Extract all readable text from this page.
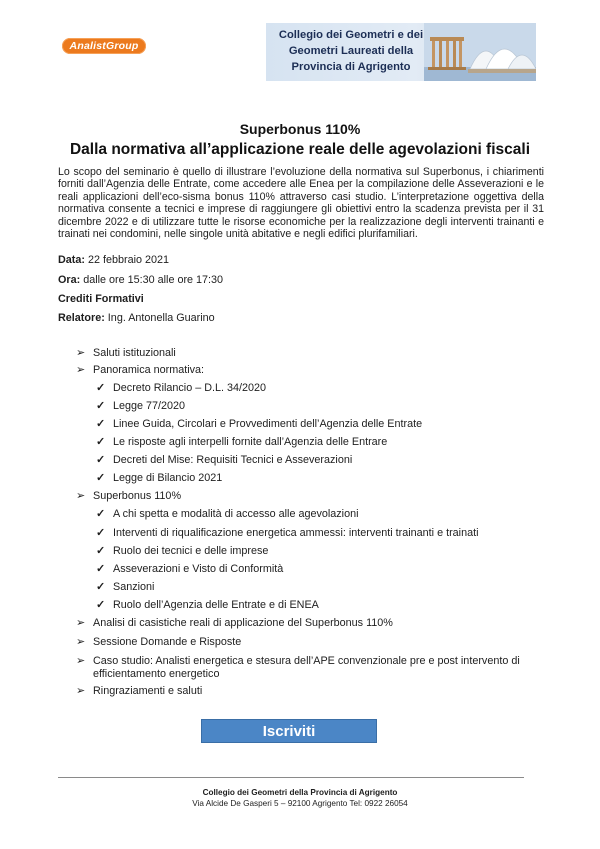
AnalistGroup
Collegio dei Geometri e dei
Geometri Laureati della
Provincia di Agrigento
Superbonus 110%
Dalla normativa all’applicazione reale delle agevolazioni fiscali
Lo scopo del seminario è quello di illustrare l’evoluzione della normativa sul Superbonus, i chiarimenti forniti dall’Agenzia delle Entrate, come accedere alle Enea per la compilazione delle Asseverazioni e le reali applicazioni dell’eco-sisma bonus 110% attraverso casi studio. L’interpretazione oggettiva della normativa consente a tecnici e imprese di raggiungere gli obiettivi entro la scadenza prevista per il 31 dicembre 2022 e di utilizzare tutte le risorse economiche per la realizzazione degli interventi trainanti e trainati nei condomini, nelle singole unità abitative e negli edifici plurifamiliari.
Data: 22 febbraio 2021
Ora: dalle ore 15:30 alle ore 17:30
Crediti Formativi
Relatore: Ing. Antonella Guarino
➢ Saluti istituzionali
➢ Panoramica normativa:
✓ Decreto Rilancio – D.L. 34/2020
✓ Legge 77/2020
✓ Linee Guida, Circolari e Provvedimenti dell’Agenzia delle Entrate
✓ Le risposte agli interpelli fornite dall’Agenzia delle Entrare
✓ Decreti del Mise: Requisiti Tecnici e Asseverazioni
✓ Legge di Bilancio 2021
➢ Superbonus 110%
✓ A chi spetta e modalità di accesso alle agevolazioni
✓ Interventi di riqualificazione energetica ammessi: interventi trainanti e trainati
✓ Ruolo dei tecnici e delle imprese
✓ Asseverazioni e Visto di Conformità
✓ Sanzioni
✓ Ruolo dell’Agenzia delle Entrate e di ENEA
➢ Analisi di casistiche reali di applicazione del Superbonus 110%
➢ Sessione Domande e Risposte
➢ Caso studio: Analisti energetica e stesura dell’APE convenzionale pre e post intervento di efficientamento energetico
➢ Ringraziamenti e saluti
Iscriviti
Collegio dei Geometri della Provincia di Agrigento
Via Alcide De Gasperi 5 – 92100 Agrigento Tel: 0922 26054
